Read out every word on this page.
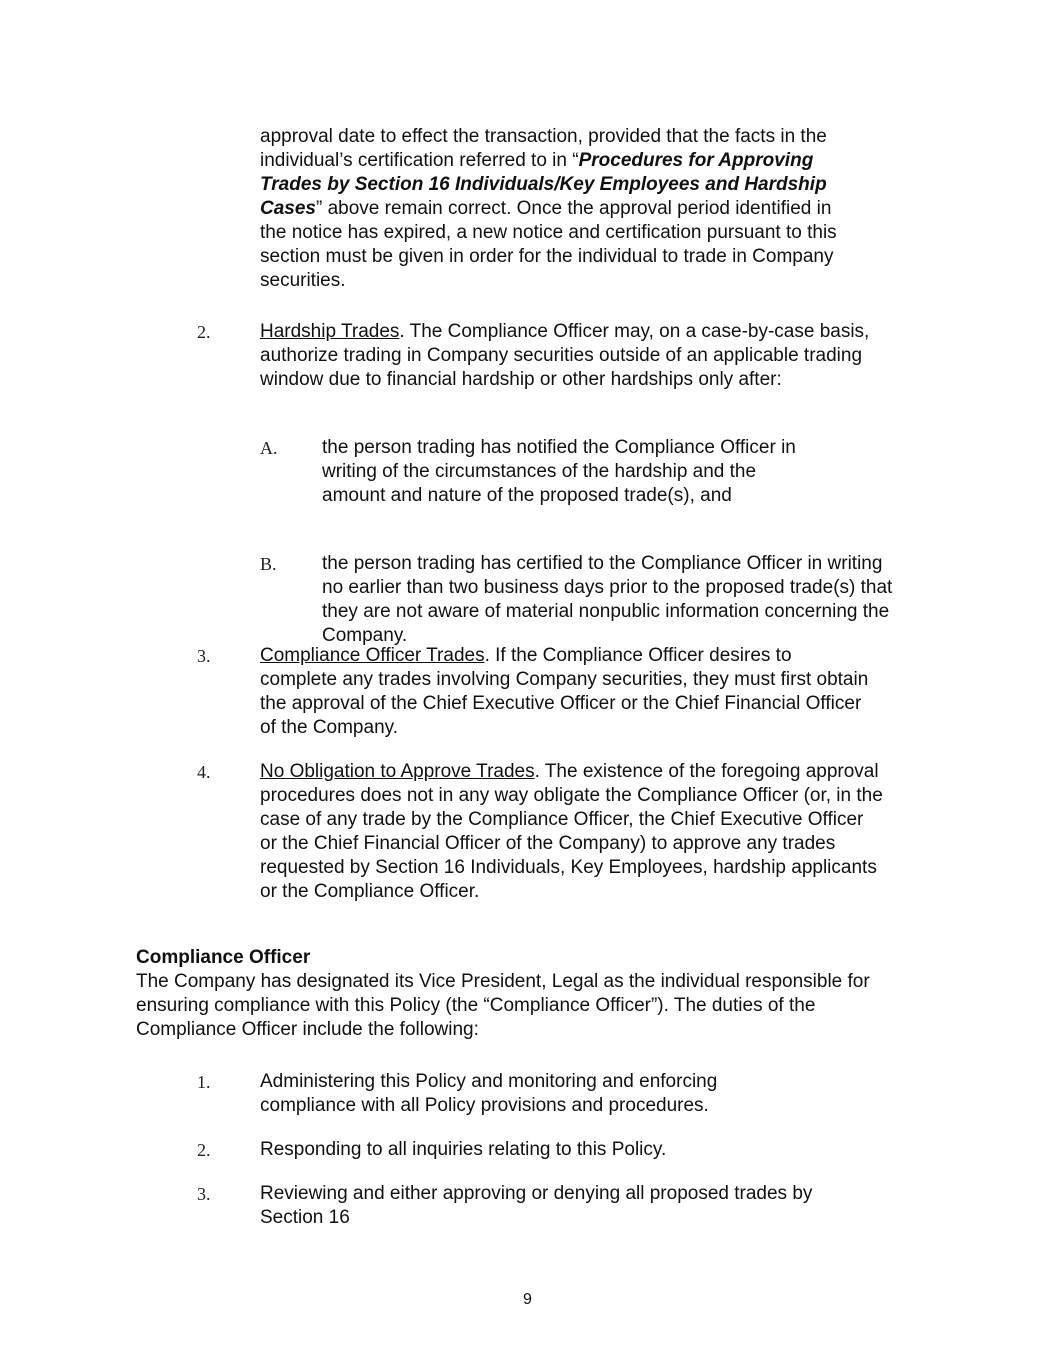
approval date to effect the transaction, provided that the facts in the individual’s certification referred to in “Procedures for Approving Trades by Section 16 Individuals/Key Employees and Hardship Cases” above remain correct. Once the approval period identified in the notice has expired, a new notice and certification pursuant to this section must be given in order for the individual to trade in Company securities.

2.	Hardship Trades. The Compliance Officer may, on a case-by-case basis, authorize trading in Company securities outside of an applicable trading window due to financial hardship or other hardships only after:

A. the person trading has notified the Compliance Officer in writing of the circumstances of the hardship and the amount and nature of the proposed trade(s), and

B. the person trading has certified to the Compliance Officer in writing no earlier than two business days prior to the proposed trade(s) that they are not aware of material nonpublic information concerning the Company.

3.	Compliance Officer Trades. If the Compliance Officer desires to complete any trades involving Company securities, they must first obtain the approval of the Chief Executive Officer or the Chief Financial Officer of the Company.

4.	No Obligation to Approve Trades. The existence of the foregoing approval procedures does not in any way obligate the Compliance Officer (or, in the case of any trade by the Compliance Officer, the Chief Executive Officer or the Chief Financial Officer of the Company) to approve any trades requested by Section 16 Individuals, Key Employees, hardship applicants or the Compliance Officer.

Compliance Officer

The Company has designated its Vice President, Legal as the individual responsible for ensuring compliance with this Policy (the “Compliance Officer”). The duties of the Compliance Officer include the following:

1.	Administering this Policy and monitoring and enforcing compliance with all Policy provisions and procedures.

2.	Responding to all inquiries relating to this Policy.

3.	Reviewing and either approving or denying all proposed trades by Section 16

9
